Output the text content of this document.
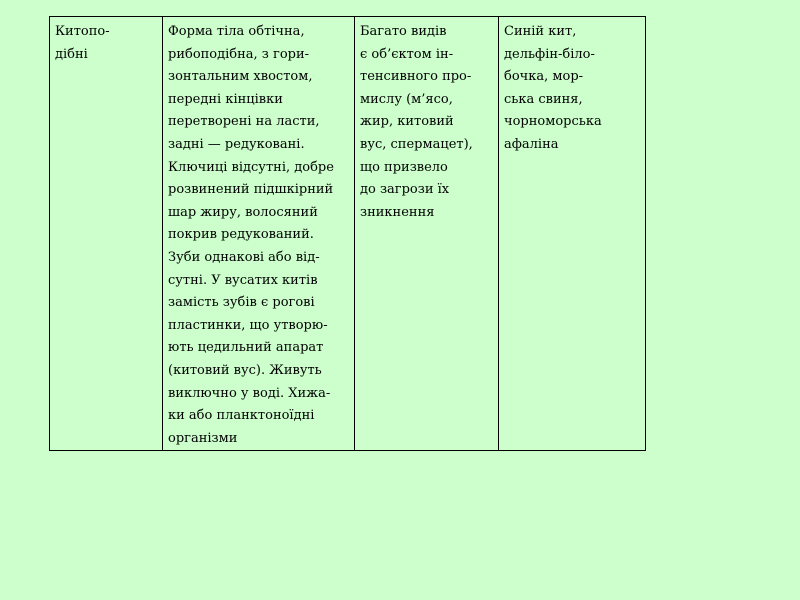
Китопо-
дібні

Форма тіла обтічна,
рибоподібна, з гори-
зонтальним хвостом,
передні кінцівки
перетворені на ласти,
задні — редуковані.
Ключиці відсутні, добре
розвинений підшкірний
шар жиру, волосяний
покрив редукований.
Зуби однакові або від-
сутні. У вусатих китів
замість зубів є рогові
пластинки, що утворю-
ють цедильний апарат
(китовий вус). Живуть
виключно у воді. Хижа-
ки або планктоноїдні
організми

Багато видів
є об’єктом ін-
тенсивного про-
мислу (м’ясо,
жир, китовий
вус, спермацет),
що призвело
до загрози їх
зникнення

Синій кит,
дельфін-біло-
бочка, мор-
ська свиня,
чорноморська
афаліна
